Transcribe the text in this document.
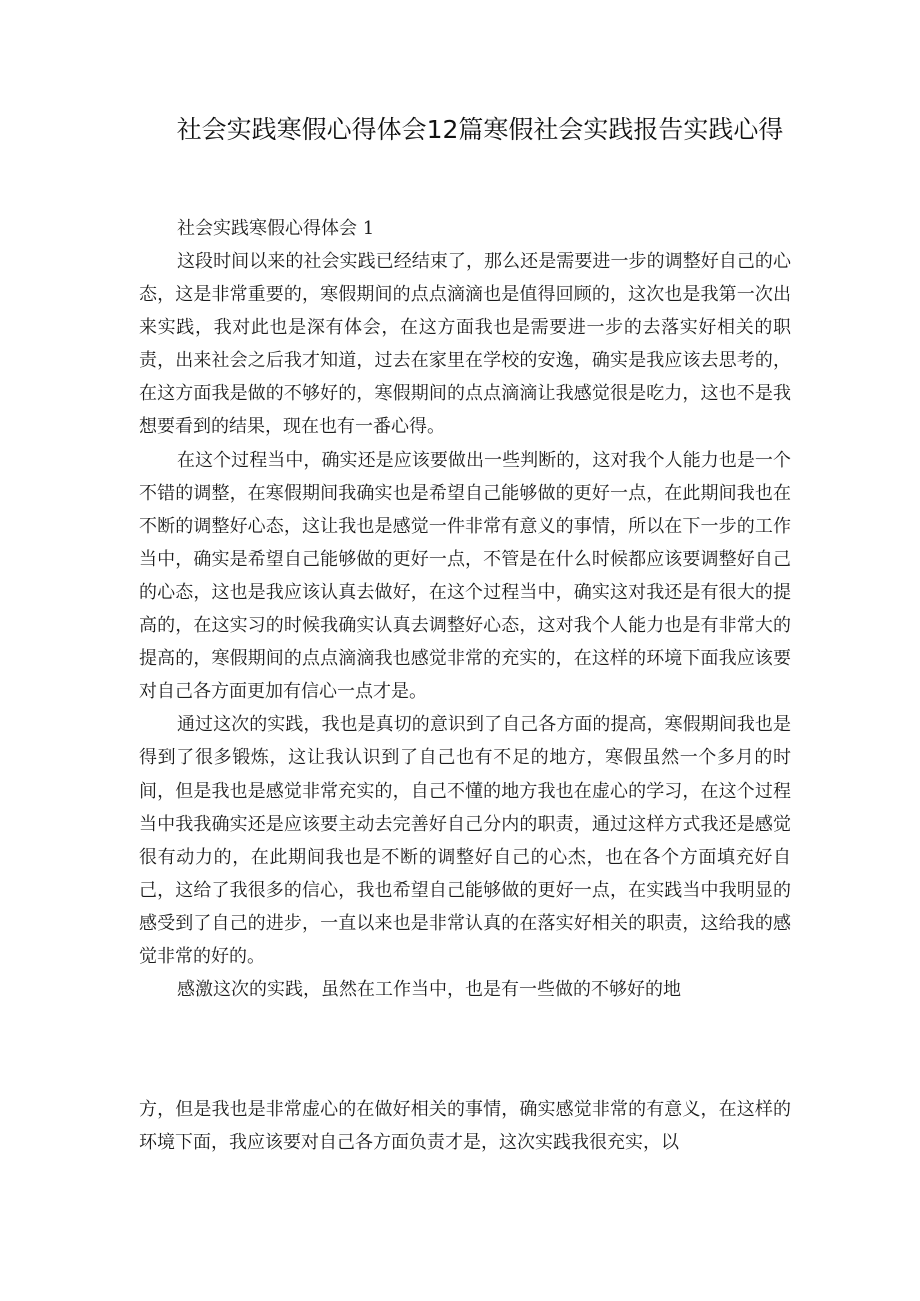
社会实践寒假心得体会12篇寒假社会实践报告实践心得
社会实践寒假心得体会 1

这段时间以来的社会实践已经结束了，那么还是需要进一步的调整好自己的心态，这是非常重要的，寒假期间的点点滴滴也是值得回顾的，这次也是我第一次出来实践，我对此也是深有体会，在这方面我也是需要进一步的去落实好相关的职责，出来社会之后我才知道，过去在家里在学校的安逸，确实是我应该去思考的，在这方面我是做的不够好的，寒假期间的点点滴滴让我感觉很是吃力，这也不是我想要看到的结果，现在也有一番心得。

在这个过程当中，确实还是应该要做出一些判断的，这对我个人能力也是一个不错的调整，在寒假期间我确实也是希望自己能够做的更好一点，在此期间我也在不断的调整好心态，这让我也是感觉一件非常有意义的事情，所以在下一步的工作当中，确实是希望自己能够做的更好一点，不管是在什么时候都应该要调整好自己的心态，这也是我应该认真去做好，在这个过程当中，确实这对我还是有很大的提高的，在这实习的时候我确实认真去调整好心态，这对我个人能力也是有非常大的提高的，寒假期间的点点滴滴我也感觉非常的充实的，在这样的环境下面我应该要对自己各方面更加有信心一点才是。

通过这次的实践，我也是真切的意识到了自己各方面的提高，寒假期间我也是得到了很多锻炼，这让我认识到了自己也有不足的地方，寒假虽然一个多月的时间，但是我也是感觉非常充实的，自己不懂的地方我也在虚心的学习，在这个过程当中我我确实还是应该要主动去完善好自己分内的职责，通过这样方式我还是感觉很有动力的，在此期间我也是不断的调整好自己的心杰，也在各个方面填充好自己，这给了我很多的信心，我也希望自己能够做的更好一点，在实践当中我明显的感受到了自己的进步，一直以来也是非常认真的在落实好相关的职责，这给我的感觉非常的好的。

感激这次的实践，虽然在工作当中，也是有一些做的不够好的地

方，但是我也是非常虚心的在做好相关的事情，确实感觉非常的有意义，在这样的环境下面，我应该要对自己各方面负责才是，这次实践我很充实，以
